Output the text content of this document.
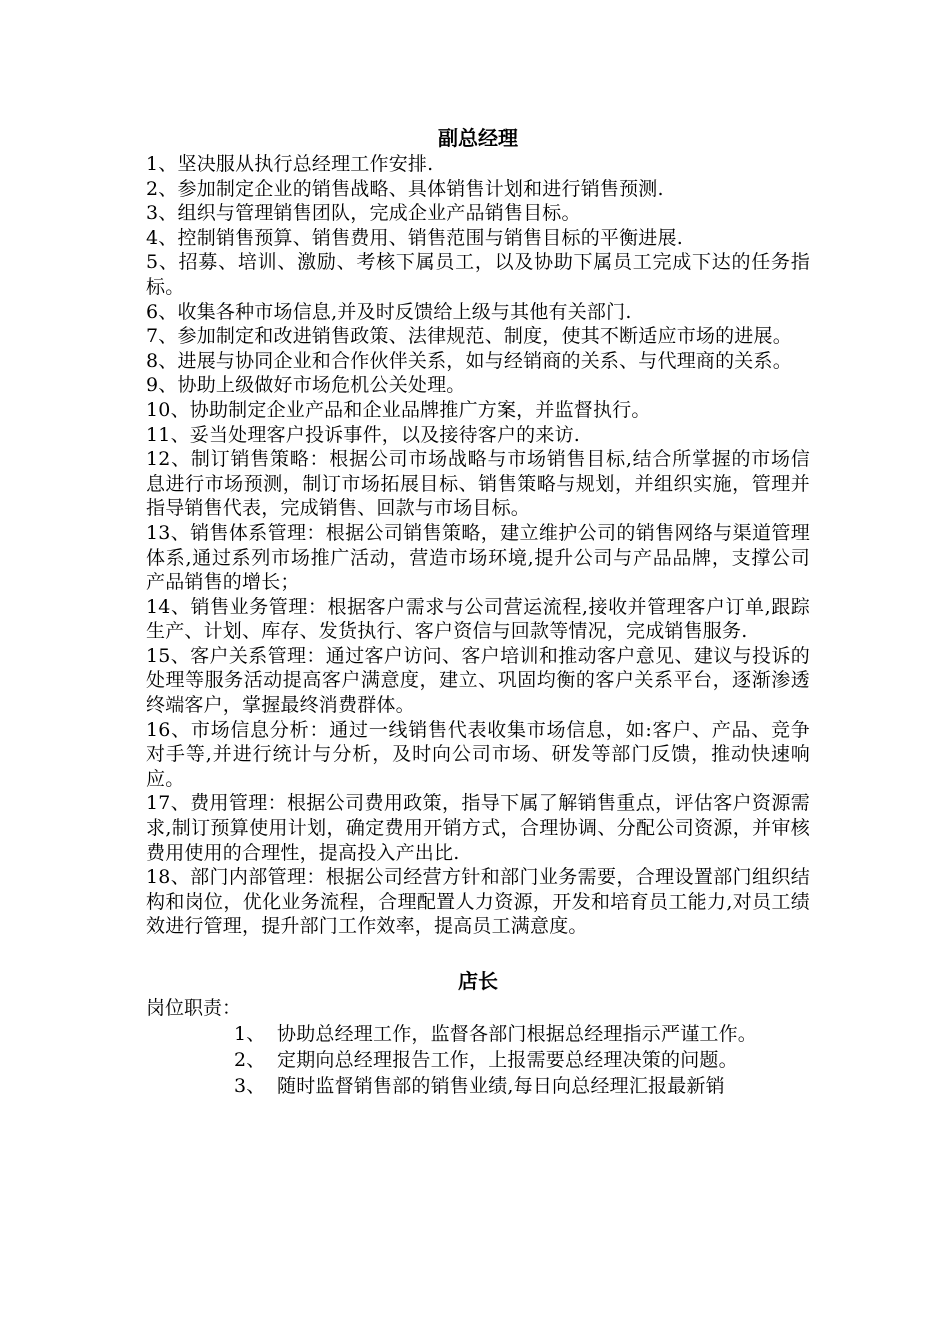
副总经理

1、坚决服从执行总经理工作安排.

2、参加制定企业的销售战略、具体销售计划和进行销售预测.

3、组织与管理销售团队，完成企业产品销售目标。

4、控制销售预算、销售费用、销售范围与销售目标的平衡进展.

5、招募、培训、激励、考核下属员工，以及协助下属员工完成下达的任务指标。

6、收集各种市场信息,并及时反馈给上级与其他有关部门.

7、参加制定和改进销售政策、法律规范、制度，使其不断适应市场的进展。

8、进展与协同企业和合作伙伴关系，如与经销商的关系、与代理商的关系。

9、协助上级做好市场危机公关处理。

10、协助制定企业产品和企业品牌推广方案，并监督执行。

11、妥当处理客户投诉事件，以及接待客户的来访.

12、制订销售策略：根据公司市场战略与市场销售目标,结合所掌握的市场信息进行市场预测，制订市场拓展目标、销售策略与规划，并组织实施，管理并指导销售代表，完成销售、回款与市场目标。

13、销售体系管理：根据公司销售策略，建立维护公司的销售网络与渠道管理体系,通过系列市场推广活动，营造市场环境,提升公司与产品品牌，支撑公司产品销售的增长；

14、销售业务管理：根据客户需求与公司营运流程,接收并管理客户订单,跟踪生产、计划、库存、发货执行、客户资信与回款等情况，完成销售服务.

15、客户关系管理：通过客户访问、客户培训和推动客户意见、建议与投诉的处理等服务活动提高客户满意度，建立、巩固均衡的客户关系平台，逐渐渗透终端客户，掌握最终消费群体。

16、市场信息分析：通过一线销售代表收集市场信息，如:客户、产品、竞争对手等,并进行统计与分析，及时向公司市场、研发等部门反馈，推动快速响应。

17、费用管理：根据公司费用政策，指导下属了解销售重点，评估客户资源需求,制订预算使用计划，确定费用开销方式，合理协调、分配公司资源，并审核费用使用的合理性，提高投入产出比.

18、部门内部管理：根据公司经营方针和部门业务需要，合理设置部门组织结构和岗位，优化业务流程，合理配置人力资源，开发和培育员工能力,对员工绩效进行管理，提升部门工作效率，提高员工满意度。

店长

岗位职责：

1、 协助总经理工作，监督各部门根据总经理指示严谨工作。
2、 定期向总经理报告工作，上报需要总经理决策的问题。
3、 随时监督销售部的销售业绩,每日向总经理汇报最新销
